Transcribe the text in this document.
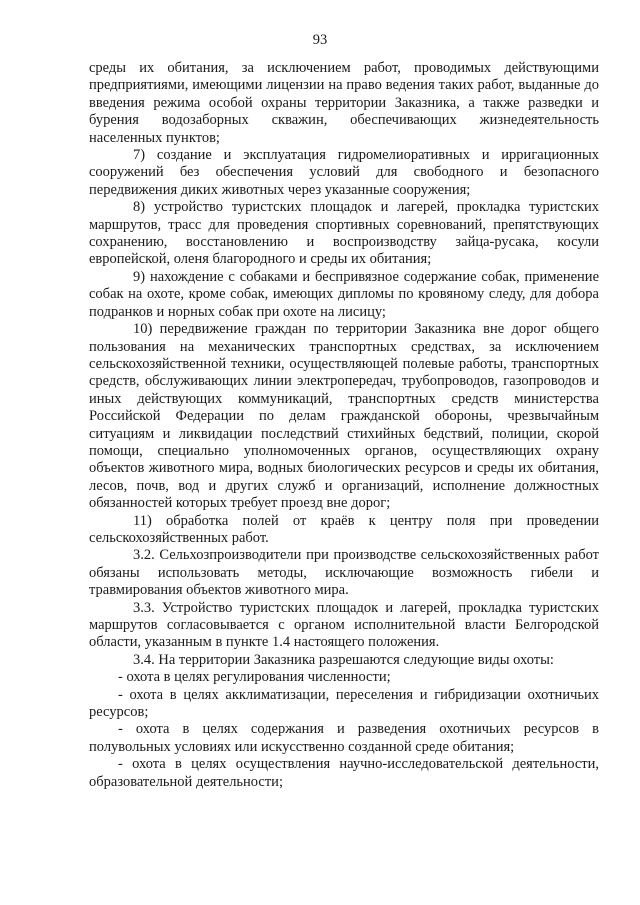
93

среды их обитания, за исключением работ, проводимых действующими предприятиями, имеющими лицензии на право ведения таких работ, выданные до введения режима особой охраны территории Заказника, а также разведки и бурения водозаборных скважин, обеспечивающих жизнедеятельность населенных пунктов;

7) создание и эксплуатация гидромелиоративных и ирригационных сооружений без обеспечения условий для свободного и безопасного передвижения диких животных через указанные сооружения;

8) устройство туристских площадок и лагерей, прокладка туристских маршрутов, трасс для проведения спортивных соревнований, препятствующих сохранению, восстановлению и воспроизводству зайца-русака, косули европейской, оленя благородного и среды их обитания;

9) нахождение с собаками и беспривязное содержание собак, применение собак на охоте, кроме собак, имеющих дипломы по кровяному следу, для добора подранков и норных собак при охоте на лисицу;

10) передвижение граждан по территории Заказника вне дорог общего пользования на механических транспортных средствах, за исключением сельскохозяйственной техники, осуществляющей полевые работы, транспортных средств, обслуживающих линии электропередач, трубопроводов, газопроводов и иных действующих коммуникаций, транспортных средств министерства Российской Федерации по делам гражданской обороны, чрезвычайным ситуациям и ликвидации последствий стихийных бедствий, полиции, скорой помощи, специально уполномоченных органов, осуществляющих охрану объектов животного мира, водных биологических ресурсов и среды их обитания, лесов, почв, вод и других служб и организаций, исполнение должностных обязанностей которых требует проезд вне дорог;

11) обработка полей от краёв к центру поля при проведении сельскохозяйственных работ.

3.2. Сельхозпроизводители при производстве сельскохозяйственных работ обязаны использовать методы, исключающие возможность гибели и травмирования объектов животного мира.

3.3. Устройство туристских площадок и лагерей, прокладка туристских маршрутов согласовывается с органом исполнительной власти Белгородской области, указанным в пункте 1.4 настоящего положения.

3.4. На территории Заказника разрешаются следующие виды охоты:

- охота в целях регулирования численности;

- охота в целях акклиматизации, переселения и гибридизации охотничьих ресурсов;

- охота в целях содержания и разведения охотничьих ресурсов в полувольных условиях или искусственно созданной среде обитания;

- охота в целях осуществления научно-исследовательской деятельности, образовательной деятельности;
